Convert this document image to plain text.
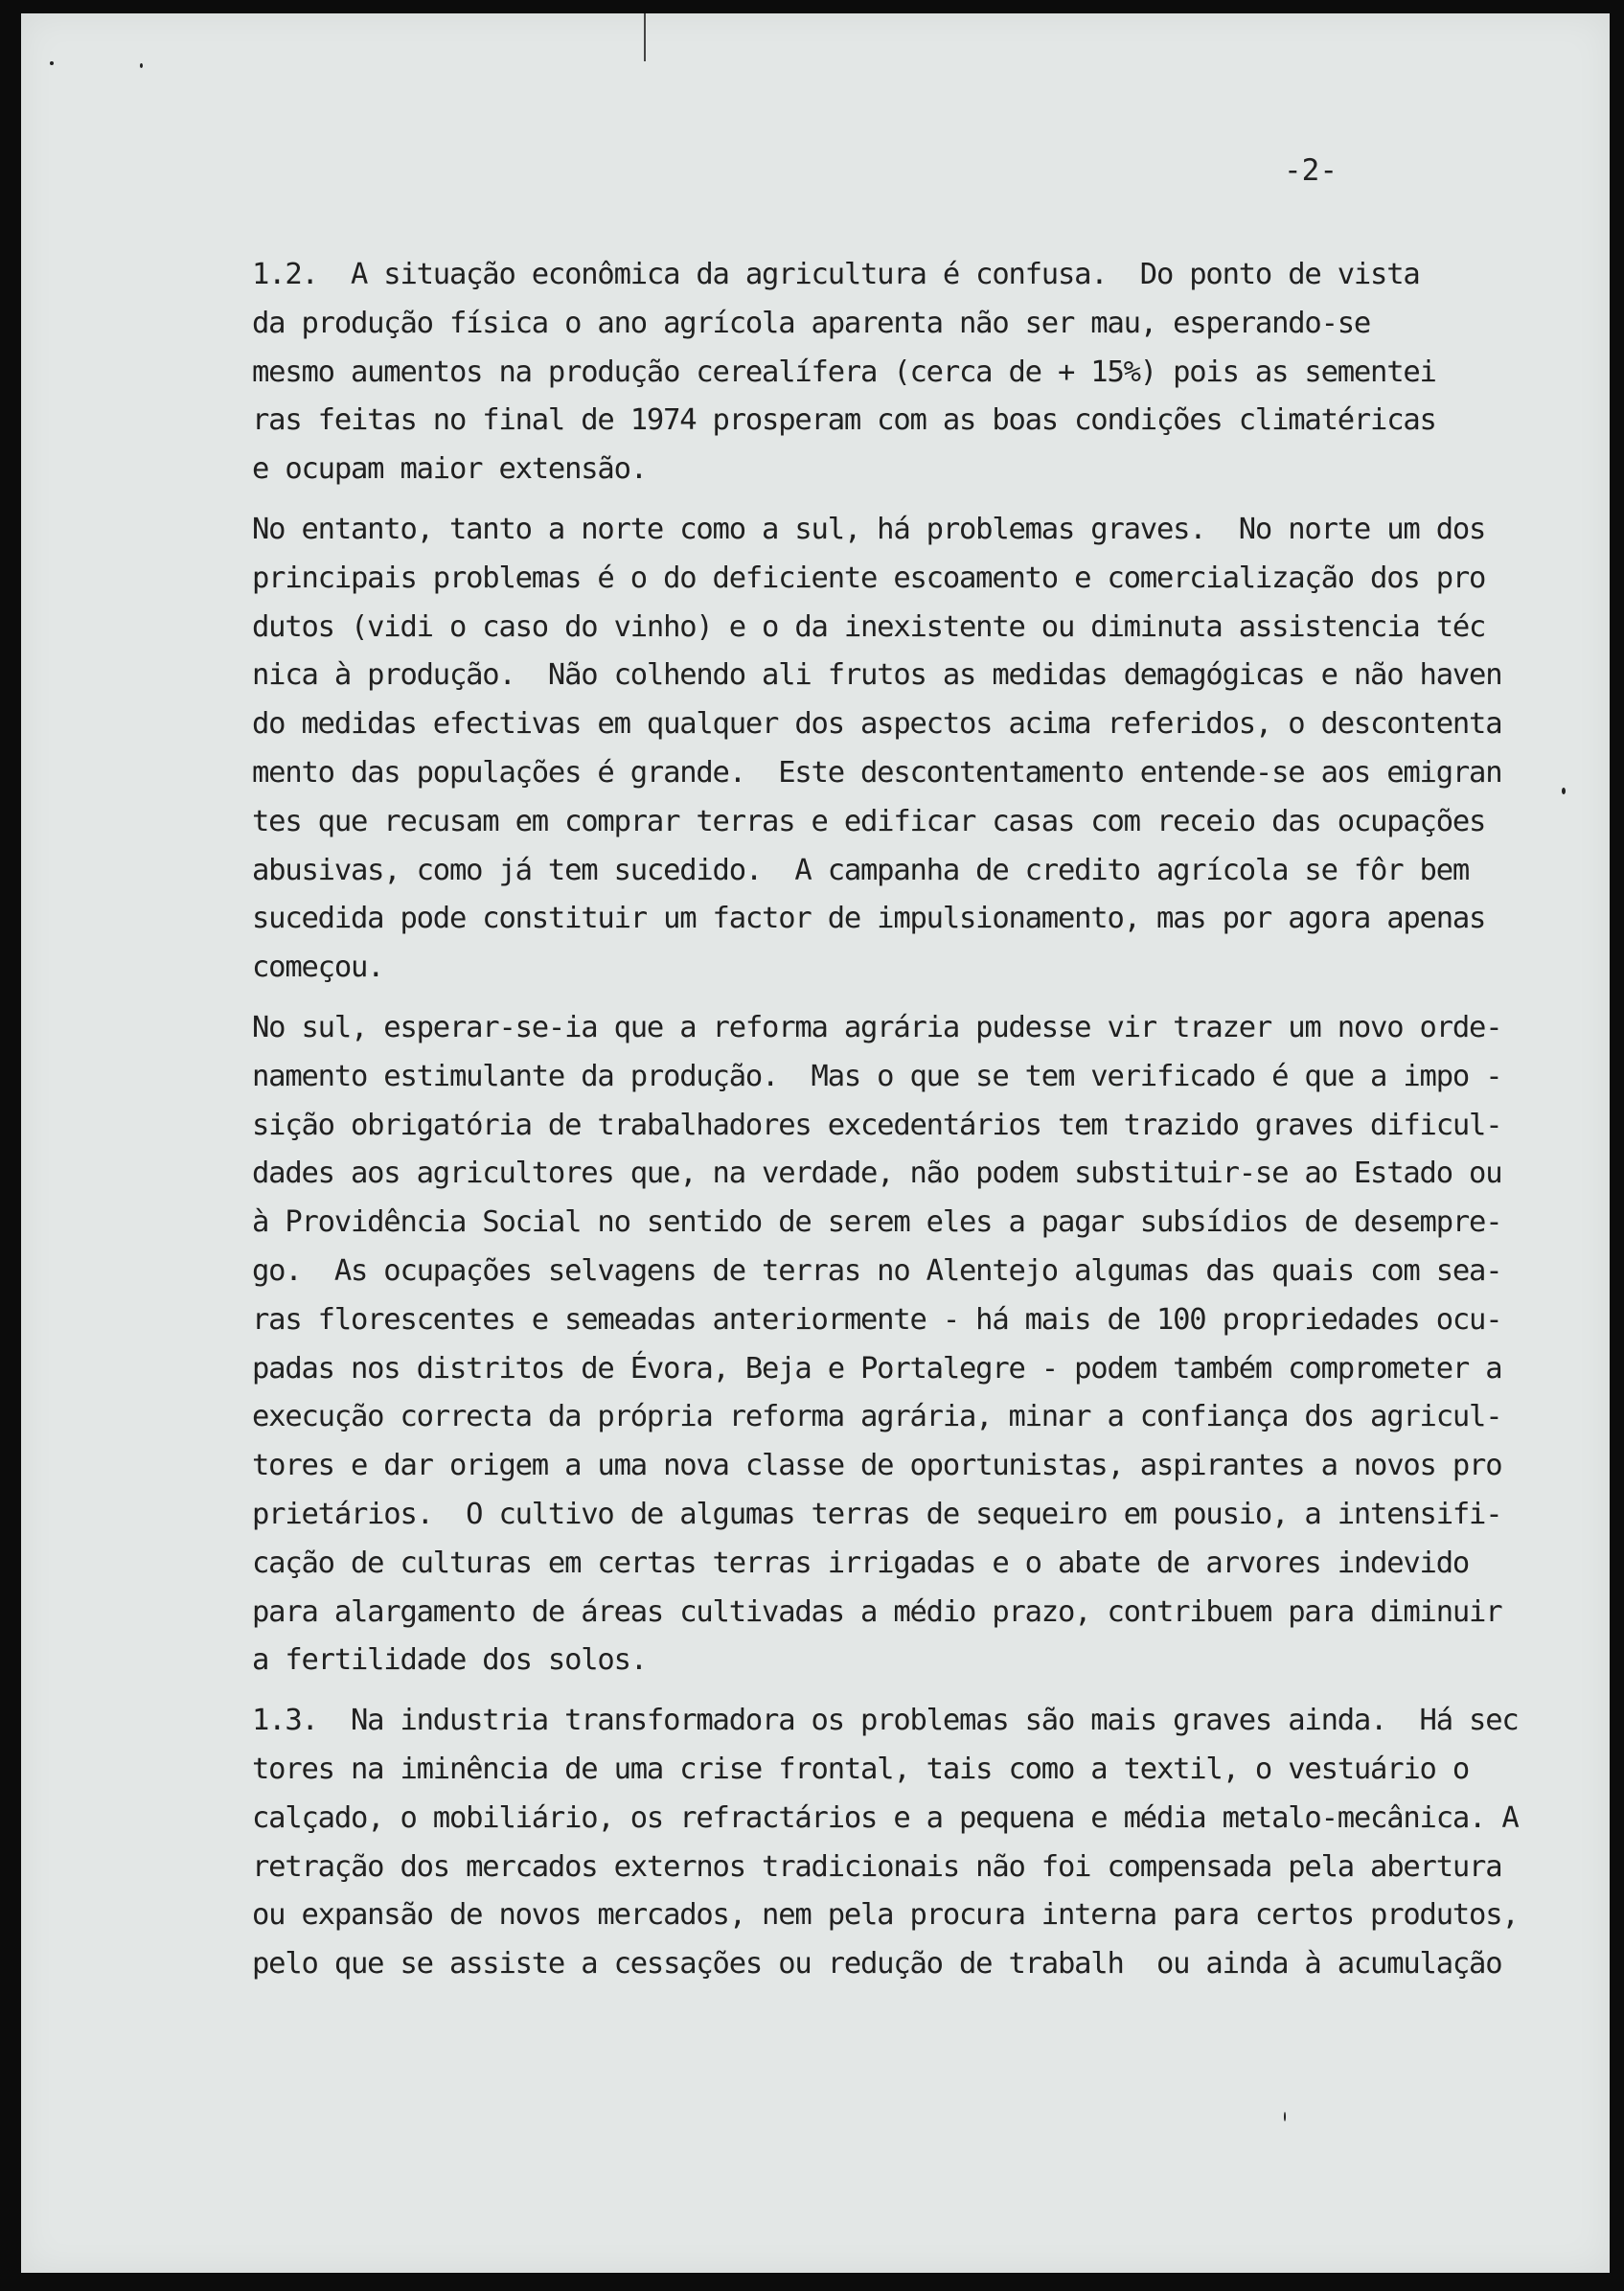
-2-
1.2.  A situação econômica da agricultura é confusa.  Do ponto de vista
da produção física o ano agrícola aparenta não ser mau, esperando-se
mesmo aumentos na produção cerealífera (cerca de + 15%) pois as sementei
ras feitas no final de 1974 prosperam com as boas condições climatéricas
e ocupam maior extensão.
No entanto, tanto a norte como a sul, há problemas graves.  No norte um dos
principais problemas é o do deficiente escoamento e comercialização dos pro
dutos (vidi o caso do vinho) e o da inexistente ou diminuta assistencia téc
nica à produção.  Não colhendo ali frutos as medidas demagógicas e não haven
do medidas efectivas em qualquer dos aspectos acima referidos, o descontenta
mento das populações é grande.  Este descontentamento entende-se aos emigran
tes que recusam em comprar terras e edificar casas com receio das ocupações
abusivas, como já tem sucedido.  A campanha de credito agrícola se fôr bem
sucedida pode constituir um factor de impulsionamento, mas por agora apenas
começou.
No sul, esperar-se-ia que a reforma agrária pudesse vir trazer um novo orde-
namento estimulante da produção.  Mas o que se tem verificado é que a impo -
sição obrigatória de trabalhadores excedentários tem trazido graves dificul-
dades aos agricultores que, na verdade, não podem substituir-se ao Estado ou
à Providência Social no sentido de serem eles a pagar subsídios de desempre-
go.  As ocupações selvagens de terras no Alentejo algumas das quais com sea-
ras florescentes e semeadas anteriormente - há mais de 100 propriedades ocu-
padas nos distritos de Évora, Beja e Portalegre - podem também comprometer a
execução correcta da própria reforma agrária, minar a confiança dos agricul-
tores e dar origem a uma nova classe de oportunistas, aspirantes a novos pro
prietários.  O cultivo de algumas terras de sequeiro em pousio, a intensifi-
cação de culturas em certas terras irrigadas e o abate de arvores indevido
para alargamento de áreas cultivadas a médio prazo, contribuem para diminuir
a fertilidade dos solos.
1.3.  Na industria transformadora os problemas são mais graves ainda.  Há sec
tores na iminência de uma crise frontal, tais como a textil, o vestuário o
calçado, o mobiliário, os refractários e a pequena e média metalo-mecânica. A
retração dos mercados externos tradicionais não foi compensada pela abertura
ou expansão de novos mercados, nem pela procura interna para certos produtos,
pelo que se assiste a cessações ou redução de trabalh  ou ainda à acumulação
